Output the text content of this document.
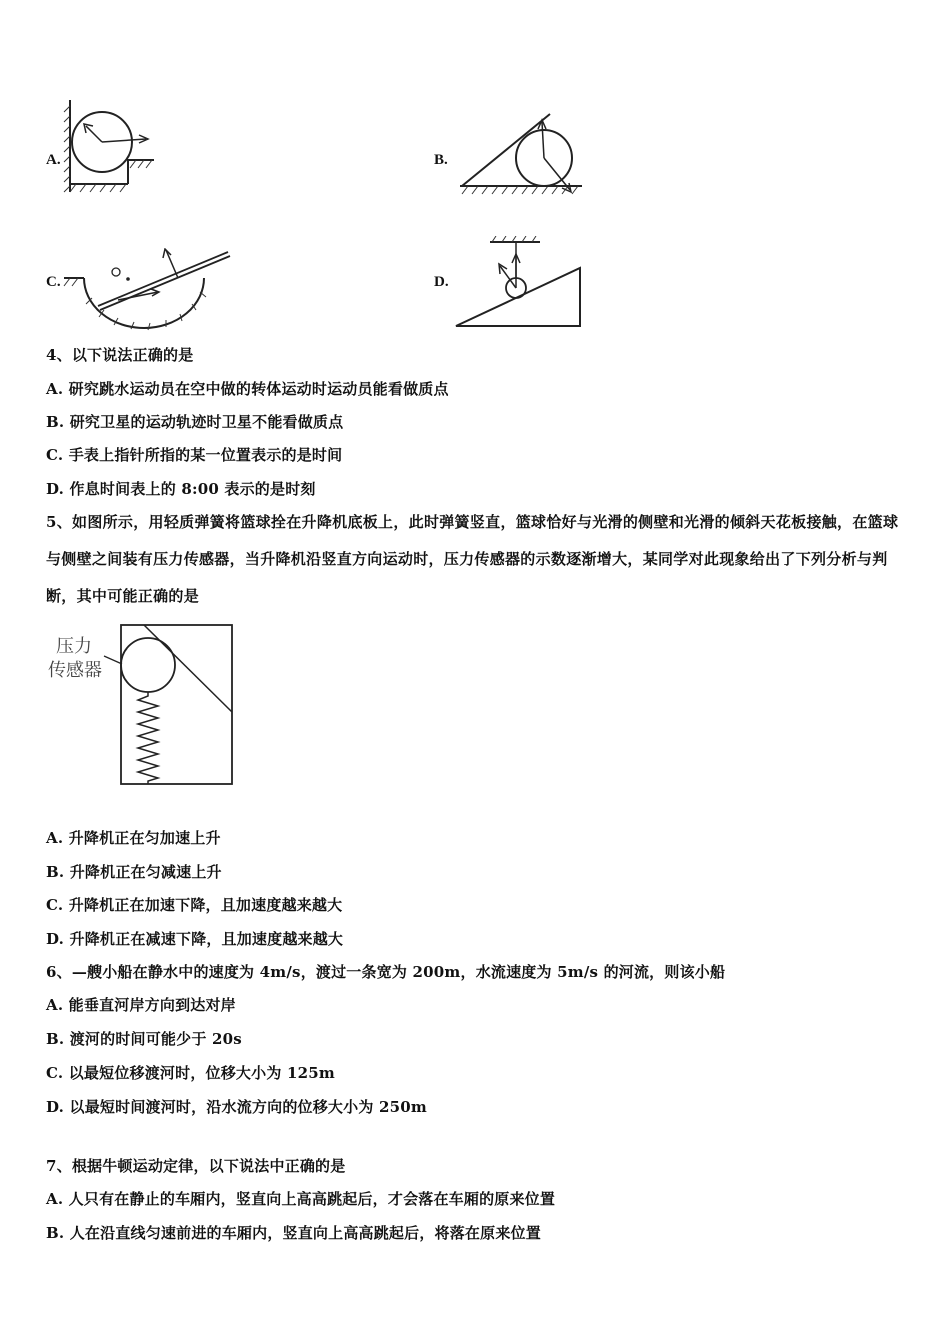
A.	B.
C.	D.
4、以下说法正确的是
A. 研究跳水运动员在空中做的转体运动时运动员能看做质点
B. 研究卫星的运动轨迹时卫星不能看做质点
C. 手表上指针所指的某一位置表示的是时间
D. 作息时间表上的 8:00 表示的是时刻
5、如图所示，用轻质弹簧将篮球拴在升降机底板上，此时弹簧竖直，篮球恰好与光滑的侧壁和光滑的倾斜天花板接触，在篮球与侧壁之间装有压力传感器，当升降机沿竖直方向运动时，压力传感器的示数逐渐增大，某同学对此现象给出了下列分析与判断，其中可能正确的是
压力
传感器
A. 升降机正在匀加速上升
B. 升降机正在匀减速上升
C. 升降机正在加速下降，且加速度越来越大
D. 升降机正在减速下降，且加速度越来越大
6、—艘小船在静水中的速度为 4m/s，渡过一条宽为 200m，水流速度为 5m/s 的河流，则该小船
A. 能垂直河岸方向到达对岸
B. 渡河的时间可能少于 20s
C. 以最短位移渡河时，位移大小为 125m
D. 以最短时间渡河时，沿水流方向的位移大小为 250m
7、根据牛顿运动定律，以下说法中正确的是
A. 人只有在静止的车厢内，竖直向上高高跳起后，才会落在车厢的原来位置
B. 人在沿直线匀速前进的车厢内，竖直向上高高跳起后，将落在原来位置
